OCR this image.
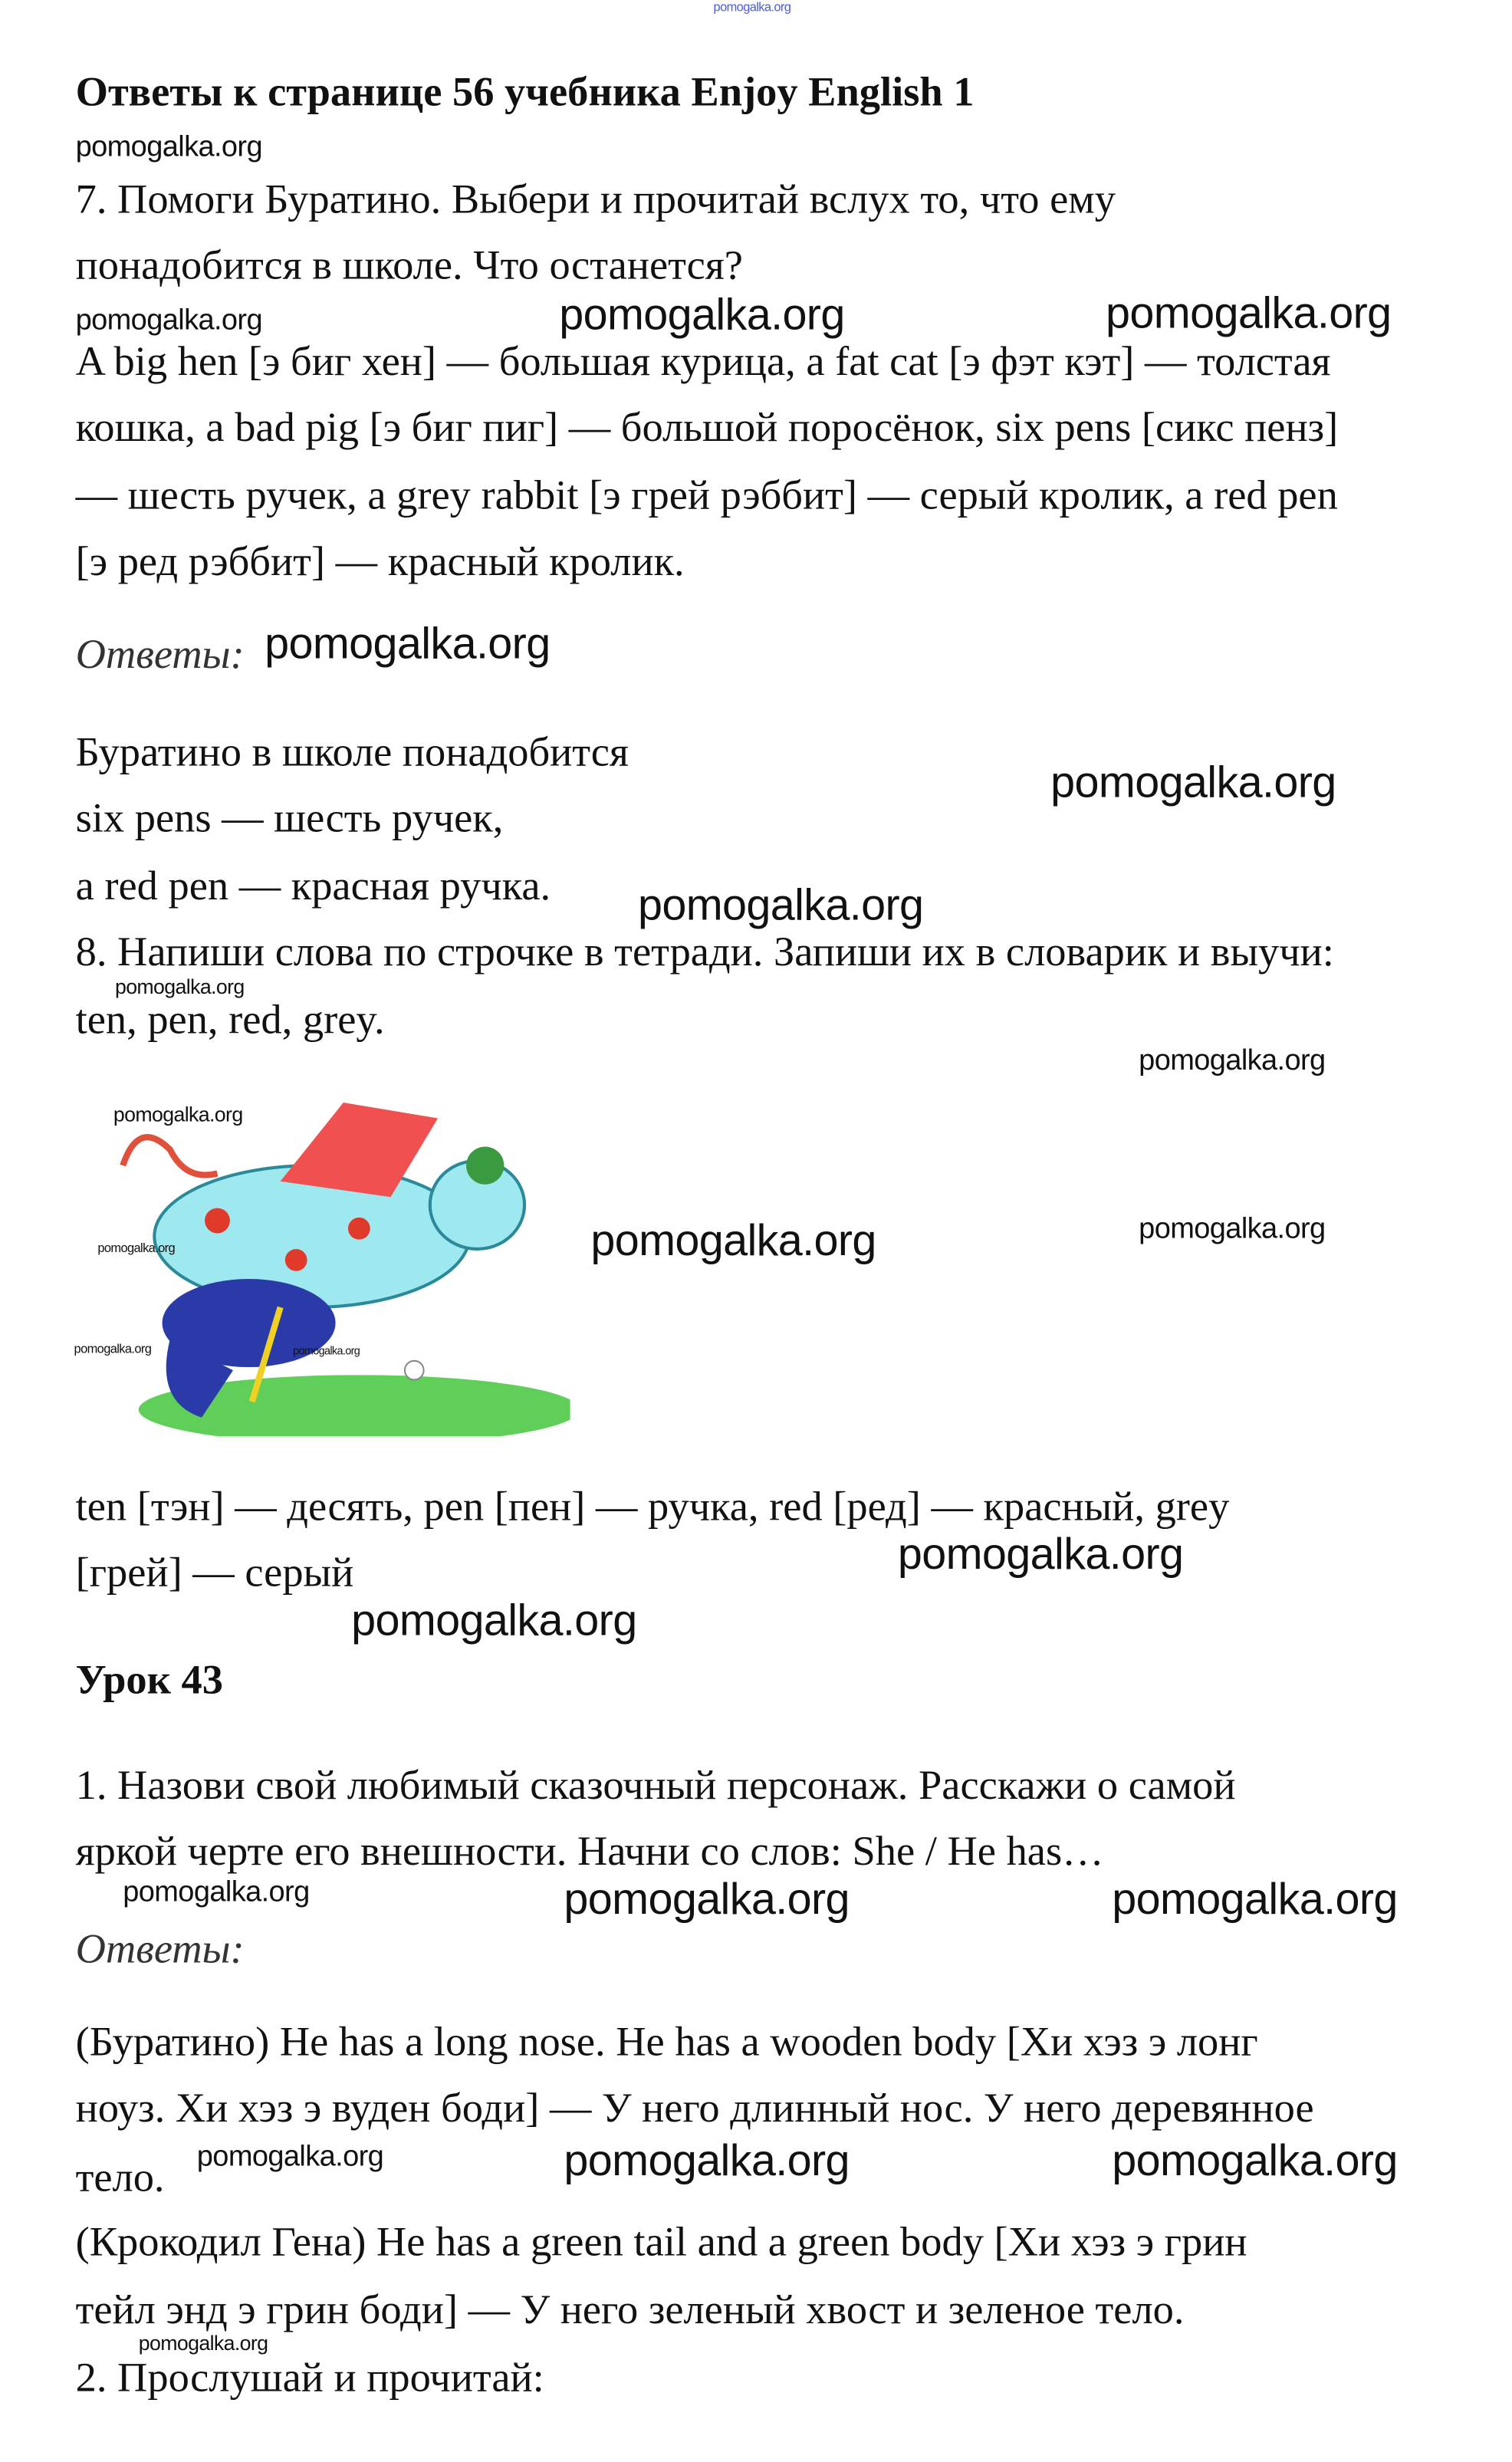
pomogalka.org
Ответы к странице 56 учебника Enjoy English 1
pomogalka.org
7. Помоги Буратино. Выбери и прочитай вслух то, что ему
понадобится в школе. Что останется?
pomogalka.org	pomogalka.org	pomogalka.org
A big hen [э биг хен] — большая курица, a fat cat [э фэт кэт] — толстая
кошка, a bad pig [э биг пиг] — большой поросёнок, six pens [сикс пенз]
— шесть ручек, a grey rabbit [э грей рэббит] — серый кролик, a red pen
[э ред рэббит] — красный кролик.
Ответы: pomogalka.org
Буратино в школе понадобится
six pens — шесть ручек,
a red pen — красная ручка.
pomogalka.org
pomogalka.org
8. Напиши слова по строчке в тетради. Запиши их в словарик и выучи:
pomogalka.org
ten, pen, red, grey.
pomogalka.org
pomogalka.org
pomogalka.org
pomogalka.org	pomogalka.org
pomogalka.org	pomogalka.org
ten [тэн] — десять, pen [пен] — ручка, red [ред] — красный, grey
[грей] — серый	pomogalka.org
pomogalka.org
Урок 43
1. Назови свой любимый сказочный персонаж. Расскажи о самой
яркой черте его внешности. Начни со слов: She / He has…
pomogalka.org	pomogalka.org	pomogalka.org
Ответы:
(Буратино) He has a long nose. He has a wooden body [Хи хэз э лонг
ноуз. Хи хэз э вуден боди] — У него длинный нос. У него деревянное
тело. pomogalka.org	pomogalka.org	pomogalka.org
(Крокодил Гена) He has a green tail and a green body [Хи хэз э грин
тейл энд э грин боди] — У него зеленый хвост и зеленое тело.
pomogalka.org
2. Прослушай и прочитай:
